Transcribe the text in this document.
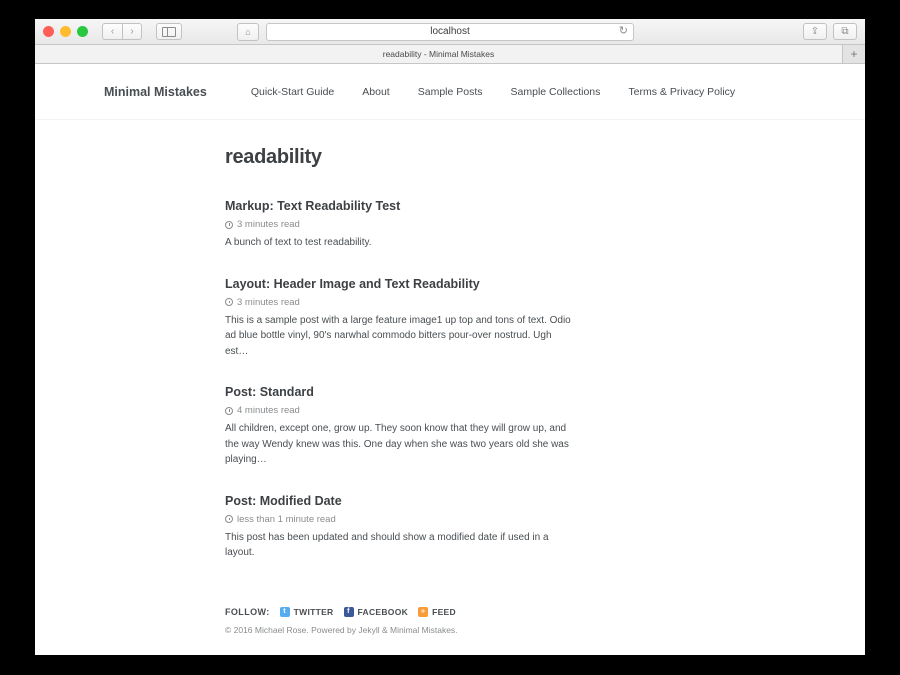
‹	›	⌂	localhost	↻	⇪	⧉
readability - Minimal Mistakes	+
Minimal Mistakes	Quick-Start Guide	About	Sample Posts	Sample Collections	Terms & Privacy Policy
readability
Markup: Text Readability Test
3 minutes read
A bunch of text to test readability.
Layout: Header Image and Text Readability
3 minutes read
This is a sample post with a large feature image1 up top and tons of text. Odio ad blue bottle vinyl, 90's narwhal commodo bitters pour-over nostrud. Ugh est…
Post: Standard
4 minutes read
All children, except one, grow up. They soon know that they will grow up, and the way Wendy knew was this. One day when she was two years old she was playing…
Post: Modified Date
less than 1 minute read
This post has been updated and should show a modified date if used in a layout.
FOLLOW:	t TWITTER	f FACEBOOK	» FEED
© 2016 Michael Rose. Powered by Jekyll & Minimal Mistakes.
